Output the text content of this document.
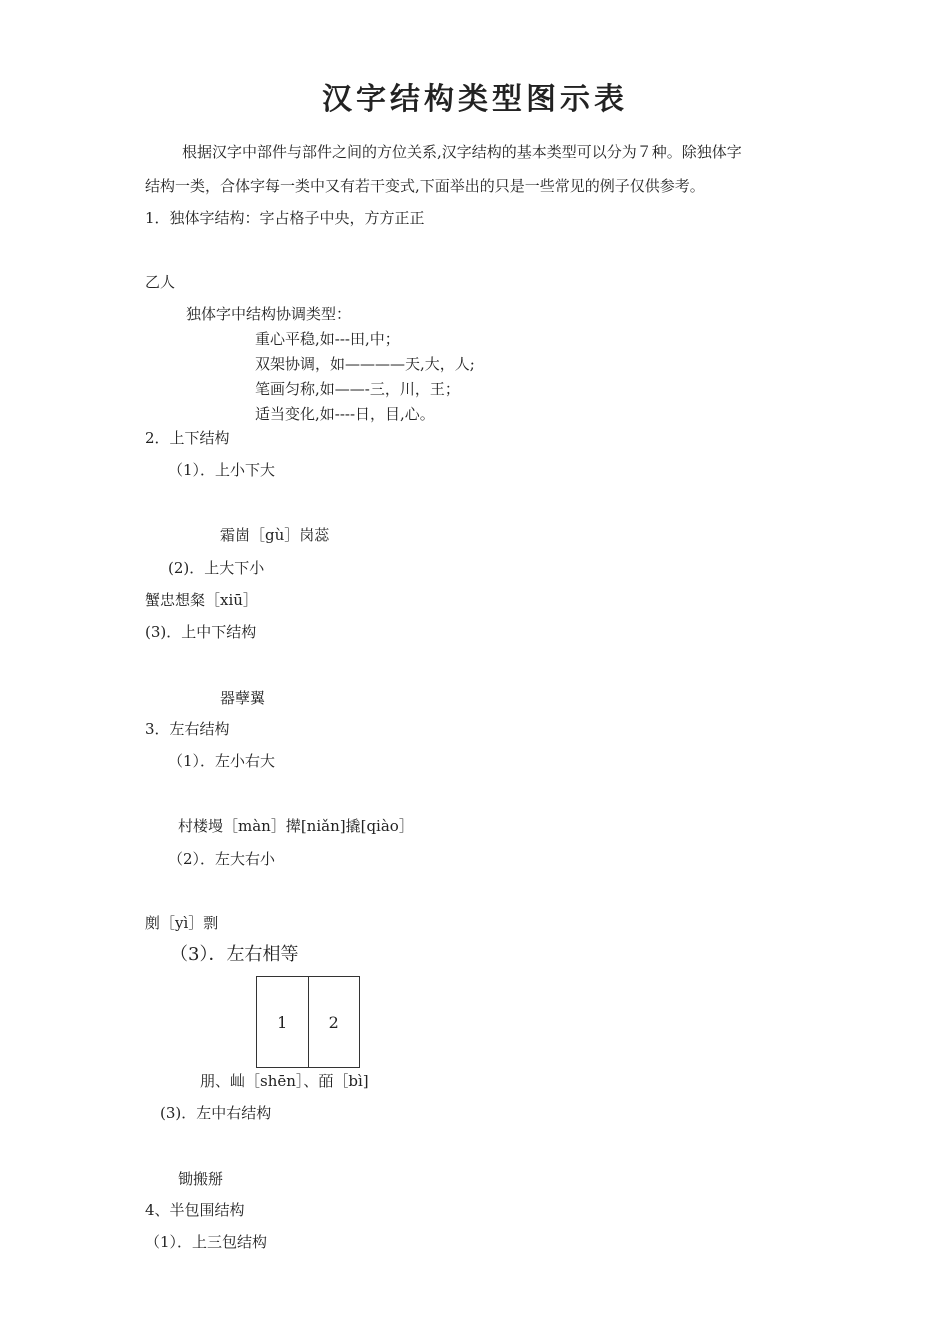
汉字结构类型图示表
根据汉字中部件与部件之间的方位关系,汉字结构的基本类型可以分为７种。除独体字
结构一类，合体字每一类中又有若干变式,下面举出的只是一些常见的例子仅供参考。
1．独体字结构：字占格子中央，方方正正
乙人
独体字中结构协调类型：
重心平稳,如---田,中；
双架协调，如————天,大，人;
笔画匀称,如——-三，川，王；
适当变化,如----日，目,心。
2．上下结构
（1）．上小下大
霜崮［gù］岗蕊
(2)．上大下小
蟹忠想粲［xiū］
(3)．上中下结构
器孽翼
3．左右结构
（1）．左小右大
村楼墁［màn］撵[niǎn]撬[qiào］
（2）．左大右小
剫［yì］剽
（3）．左右相等
1	2
朋、屾［shēn］、皕［bì]
(3)．左中右结构
锄搬掰
4、半包围结构
（1）．上三包结构
